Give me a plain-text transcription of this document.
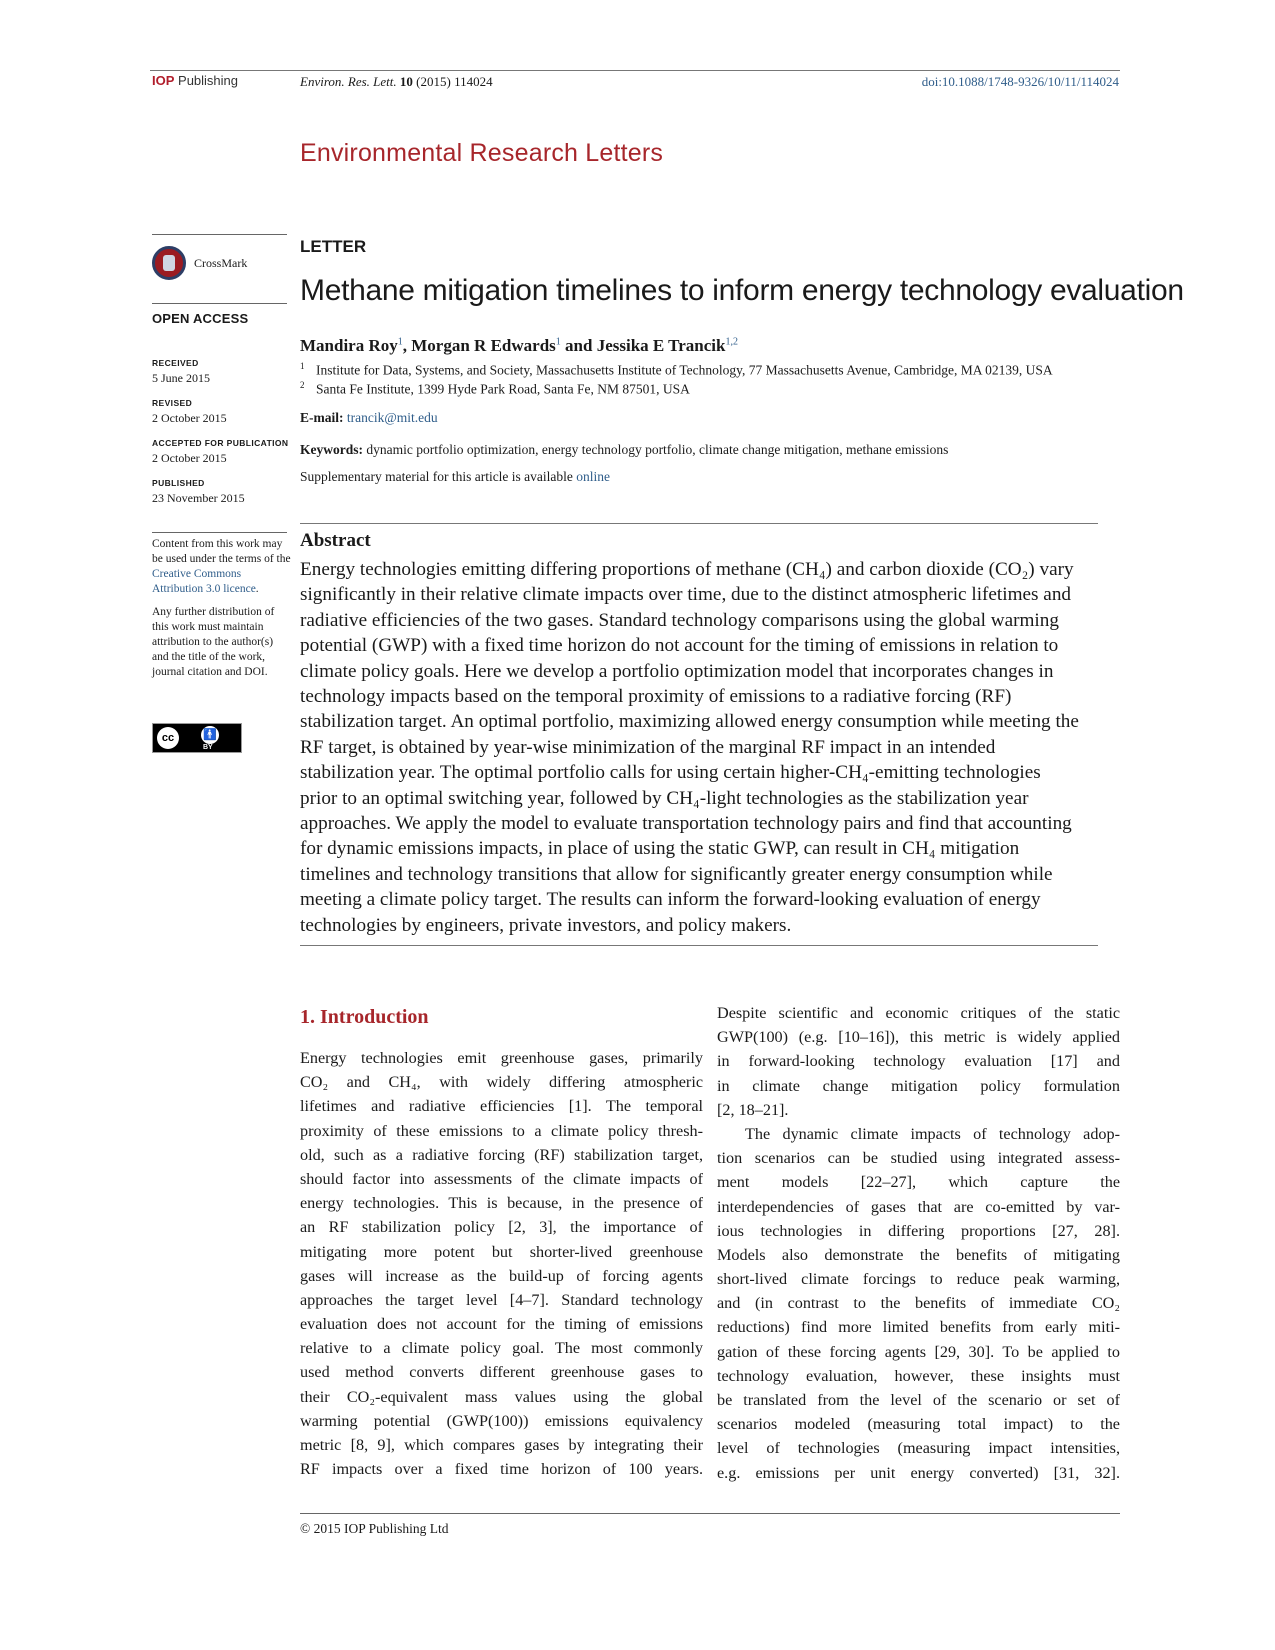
IOP Publishing	Environ. Res. Lett. 10 (2015) 114024	doi:10.1088/1748-9326/10/11/114024
Environmental Research Letters
CrossMark
OPEN ACCESS
RECEIVED
5 June 2015
REVISED
2 October 2015
ACCEPTED FOR PUBLICATION
2 October 2015
PUBLISHED
23 November 2015

Content from this work may be used under the terms of the Creative Commons Attribution 3.0 licence.

Any further distribution of this work must maintain attribution to the author(s) and the title of the work, journal citation and DOI.

cc	🚹
BY
LETTER
Methane mitigation timelines to inform energy technology evaluation
Mandira Roy$^1$, Morgan R Edwards$^1$ and Jessika E Trancik$^{1,2}$
1 Institute for Data, Systems, and Society, Massachusetts Institute of Technology, 77 Massachusetts Avenue, Cambridge, MA 02139, USA
2 Santa Fe Institute, 1399 Hyde Park Road, Santa Fe, NM 87501, USA
E-mail: trancik@mit.edu
Keywords: dynamic portfolio optimization, energy technology portfolio, climate change mitigation, methane emissions
Supplementary material for this article is available online
Abstract
Energy technologies emitting differing proportions of methane (CH₄) and carbon dioxide (CO₂) vary
significantly in their relative climate impacts over time, due to the distinct atmospheric lifetimes and
radiative efficiencies of the two gases. Standard technology comparisons using the global warming
potential (GWP) with a fixed time horizon do not account for the timing of emissions in relation to
climate policy goals. Here we develop a portfolio optimization model that incorporates changes in
technology impacts based on the temporal proximity of emissions to a radiative forcing (RF)
stabilization target. An optimal portfolio, maximizing allowed energy consumption while meeting the
RF target, is obtained by year-wise minimization of the marginal RF impact in an intended
stabilization year. The optimal portfolio calls for using certain higher-CH₄-emitting technologies
prior to an optimal switching year, followed by CH₄-light technologies as the stabilization year
approaches. We apply the model to evaluate transportation technology pairs and find that accounting
for dynamic emissions impacts, in place of using the static GWP, can result in CH₄ mitigation
timelines and technology transitions that allow for significantly greater energy consumption while
meeting a climate policy target. The results can inform the forward-looking evaluation of energy
technologies by engineers, private investors, and policy makers.
1. Introduction
Energy technologies emit greenhouse gases, primarily
CO₂ and CH₄, with widely differing atmospheric
lifetimes and radiative efficiencies [1]. The temporal
proximity of these emissions to a climate policy thresh-
old, such as a radiative forcing (RF) stabilization target,
should factor into assessments of the climate impacts of
energy technologies. This is because, in the presence of
an RF stabilization policy [2, 3], the importance of
mitigating more potent but shorter-lived greenhouse
gases will increase as the build-up of forcing agents
approaches the target level [4–7]. Standard technology
evaluation does not account for the timing of emissions
relative to a climate policy goal. The most commonly
used method converts different greenhouse gases to
their CO₂-equivalent mass values using the global
warming potential (GWP(100)) emissions equivalency
metric [8, 9], which compares gases by integrating their
RF impacts over a fixed time horizon of 100 years.
Despite scientific and economic critiques of the static
GWP(100) (e.g. [10–16]), this metric is widely applied
in forward-looking technology evaluation [17] and
in climate change mitigation policy formulation
[2, 18–21].
The dynamic climate impacts of technology adop-
tion scenarios can be studied using integrated assess-
ment models [22–27], which capture the
interdependencies of gases that are co-emitted by var-
ious technologies in differing proportions [27, 28].
Models also demonstrate the benefits of mitigating
short-lived climate forcings to reduce peak warming,
and (in contrast to the benefits of immediate CO₂
reductions) find more limited benefits from early miti-
gation of these forcing agents [29, 30]. To be applied to
technology evaluation, however, these insights must
be translated from the level of the scenario or set of
scenarios modeled (measuring total impact) to the
level of technologies (measuring impact intensities,
e.g. emissions per unit energy converted) [31, 32].
© 2015 IOP Publishing Ltd
